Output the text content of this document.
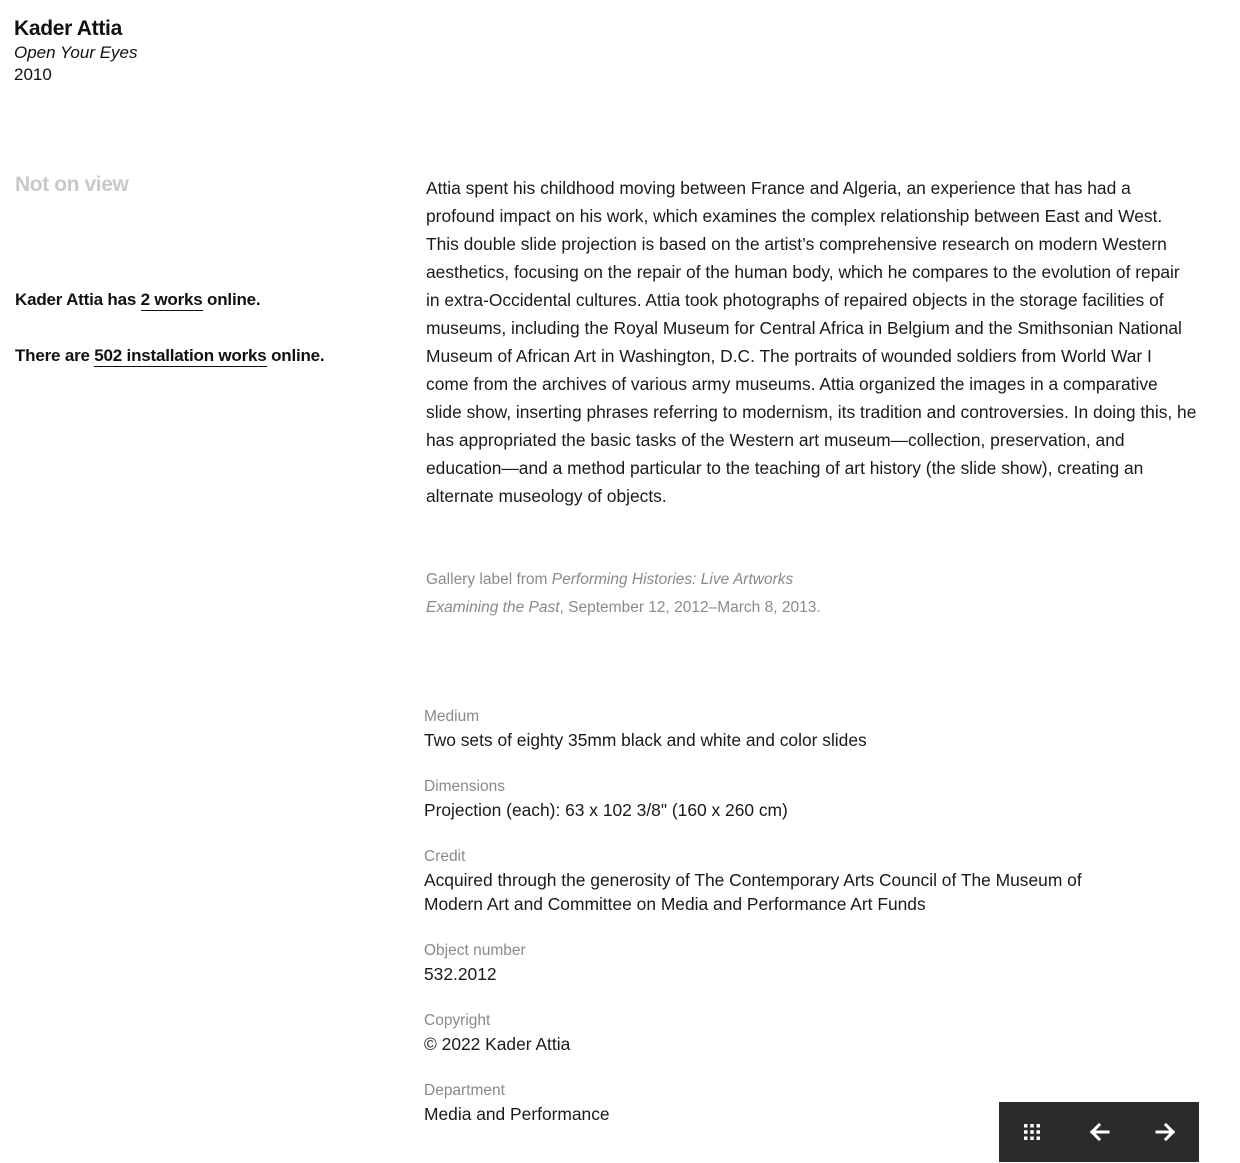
Kader Attia
Open Your Eyes
2010
Not on view
Kader Attia has 2 works online.
There are 502 installation works online.
Attia spent his childhood moving between France and Algeria, an experience that has had a profound impact on his work, which examines the complex relationship between East and West. This double slide projection is based on the artist’s comprehensive research on modern Western aesthetics, focusing on the repair of the human body, which he compares to the evolution of repair in extra-Occidental cultures. Attia took photographs of repaired objects in the storage facilities of museums, including the Royal Museum for Central Africa in Belgium and the Smithsonian National Museum of African Art in Washington, D.C. The portraits of wounded soldiers from World War I come from the archives of various army museums. Attia organized the images in a comparative slide show, inserting phrases referring to modernism, its tradition and controversies. In doing this, he has appropriated the basic tasks of the Western art museum—collection, preservation, and education—and a method particular to the teaching of art history (the slide show), creating an alternate museology of objects.
Gallery label from Performing Histories: Live Artworks Examining the Past, September 12, 2012–March 8, 2013.
Medium
Two sets of eighty 35mm black and white and color slides
Dimensions
Projection (each): 63 x 102 3/8" (160 x 260 cm)
Credit
Acquired through the generosity of The Contemporary Arts Council of The Museum of Modern Art and Committee on Media and Performance Art Funds
Object number
532.2012
Copyright
© 2022 Kader Attia
Department
Media and Performance
